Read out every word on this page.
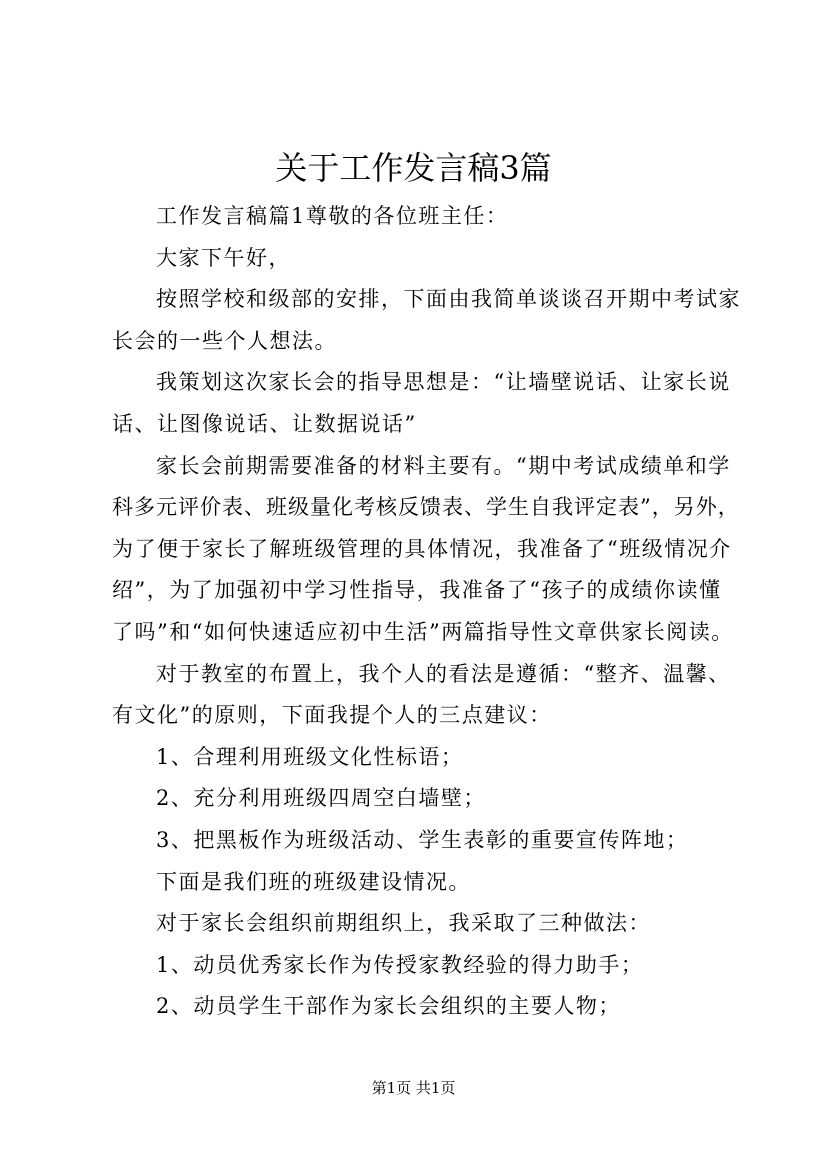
关于工作发言稿3篇
工作发言稿篇1尊敬的各位班主任：
大家下午好，
按照学校和级部的安排，下面由我简单谈谈召开期中考试家
长会的一些个人想法。
我策划这次家长会的指导思想是：“让墙壁说话、让家长说
话、让图像说话、让数据说话”
家长会前期需要准备的材料主要有。“期中考试成绩单和学
科多元评价表、班级量化考核反馈表、学生自我评定表”，另外，
为了便于家长了解班级管理的具体情况，我准备了“班级情况介
绍”，为了加强初中学习性指导，我准备了“孩子的成绩你读懂
了吗”和“如何快速适应初中生活”两篇指导性文章供家长阅读。
对于教室的布置上，我个人的看法是遵循：“整齐、温馨、
有文化”的原则，下面我提个人的三点建议：
1、合理利用班级文化性标语；
2、充分利用班级四周空白墙壁；
3、把黑板作为班级活动、学生表彰的重要宣传阵地；
下面是我们班的班级建设情况。
对于家长会组织前期组织上，我采取了三种做法：
1、动员优秀家长作为传授家教经验的得力助手；
2、动员学生干部作为家长会组织的主要人物；
第1页 共1页
